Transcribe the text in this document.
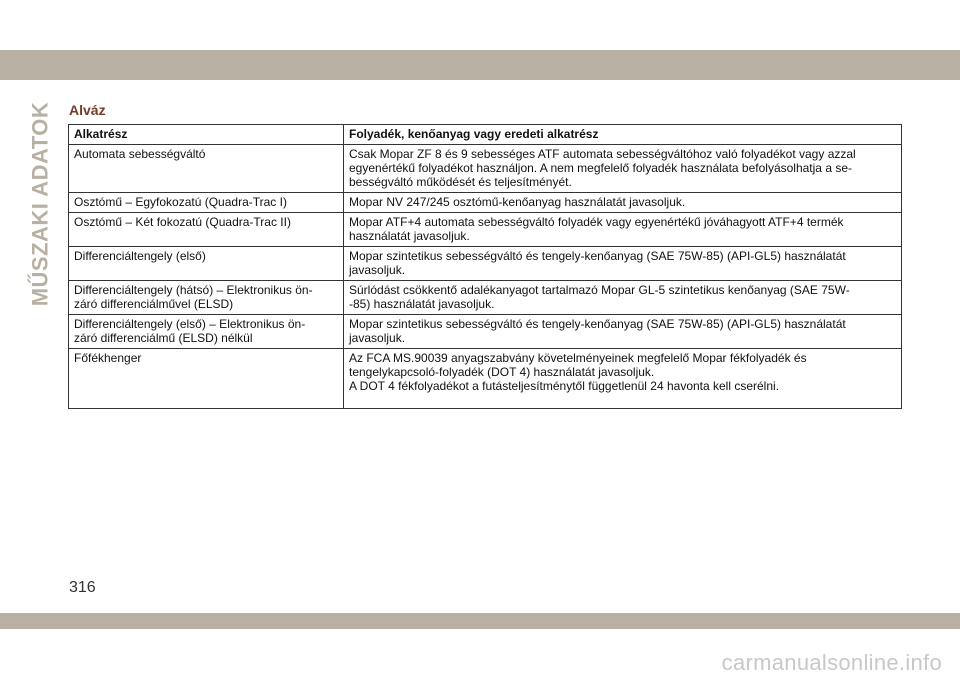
MŰSZAKI ADATOK Alváz
Alkatrész	Folyadék, kenőanyag vagy eredeti alkatrész

Automata sebességváltó	Csak Mopar ZF 8 és 9 sebességes ATF automata sebességváltóhoz való folyadékot vagy azzal
egyenértékű folyadékot használjon. A nem megfelelő folyadék használata befolyásolhatja a se-
bességváltó működését és teljesítményét.

Osztómű – Egyfokozatú (Quadra-Trac I)	Mopar NV 247/245 osztómű-kenőanyag használatát javasoljuk.

Osztómű – Két fokozatú (Quadra-Trac II)	Mopar ATF+4 automata sebességváltó folyadék vagy egyenértékű jóváhagyott ATF+4 termék
használatát javasoljuk.

Differenciáltengely (első)	Mopar szintetikus sebességváltó és tengely-kenőanyag (SAE 75W-85) (API-GL5) használatát
javasoljuk.

Differenciáltengely (hátsó) – Elektronikus ön-
záró differenciálművel (ELSD)	Súrlódást csökkentő adalékanyagot tartalmazó Mopar GL-5 szintetikus kenőanyag (SAE 75W-
-85) használatát javasoljuk.

Differenciáltengely (első) – Elektronikus ön-
záró differenciálmű (ELSD) nélkül	Mopar szintetikus sebességváltó és tengely-kenőanyag (SAE 75W-85) (API-GL5) használatát
javasoljuk.

Főfékhenger	Az FCA MS.90039 anyagszabvány követelményeinek megfelelő Mopar fékfolyadék és
tengelykapcsoló-folyadék (DOT 4) használatát javasoljuk.
A DOT 4 fékfolyadékot a futásteljesítménytől függetlenül 24 havonta kell cserélni.
316
carmanualsonline.info
